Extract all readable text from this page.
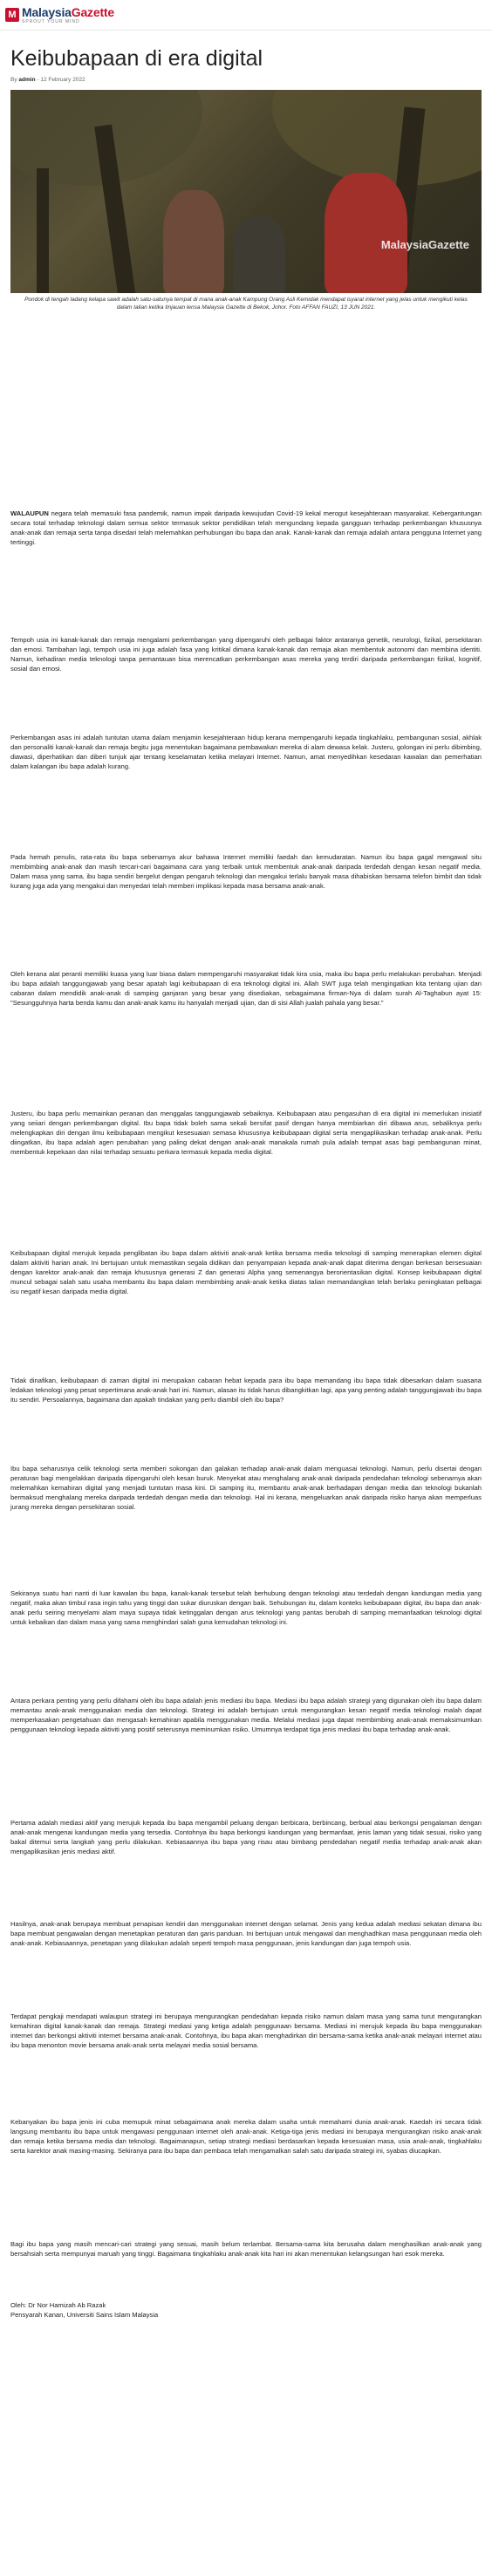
M MalaysiaGazette
SPROUT YOUR MIND
Keibubapaan di era digital
By admin - 12 February 2022
MalaysiaGazette
Pondok di tengah ladang kelapa sawit adalah satu-satunya tempat di mana anak-anak Kampung Orang Asli Kemidak mendapat isyarat internet yang jelas untuk mengikuti kelas dalam talian ketika tinjauan lensa Malaysia Gazette di Bekok, Johor. Foto AFFAN FAUZI, 13 JUN 2021.

WALAUPUN negara telah memasuki fasa pandemik, namun impak daripada kewujudan Covid-19 kekal merogut kesejahteraan masyarakat. Kebergantungan secara total terhadap teknologi dalam semua sektor termasuk sektor pendidikan telah mengundang kepada gangguan terhadap perkembangan khususnya anak-anak dan remaja serta tanpa disedari telah melemahkan perhubungan ibu bapa dan anak. Kanak-kanak dan remaja adalah antara pengguna Internet yang tertinggi.

Tempoh usia ini kanak-kanak dan remaja mengalami perkembangan yang dipengaruhi oleh pelbagai faktor antaranya genetik, neurologi, fizikal, persekitaran dan emosi. Tambahan lagi, tempoh usia ini juga adalah fasa yang kritikal dimana kanak-kanak dan remaja akan membentuk autonomi dan membina identiti. Namun, kehadiran media teknologi tanpa pemantauan bisa merencatkan perkembangan asas mereka yang terdiri daripada perkembangan fizikal, kognitif, sosial dan emosi.

Perkembangan asas ini adalah tuntutan utama dalam menjamin kesejahteraan hidup kerana mempengaruhi kepada tingkahlaku, pembangunan sosial, akhlak dan personaliti kanak-kanak dan remaja begitu juga menentukan bagaimana pembawakan mereka di alam dewasa kelak. Justeru, golongan ini perlu dibimbing, diawasi, diperhatikan dan diberi tunjuk ajar tentang keselamatan ketika melayari Internet. Namun, amat menyedihkan kesedaran kawalan dan pemerhatian dalam kalangan ibu bapa adalah kurang.

Pada hemah penulis, rata-rata ibu bapa sebenarnya akur bahawa Internet memiliki faedah dan kemudaratan. Namun ibu bapa gagal mengawal situ membimbing anak-anak dan masih tercari-cari bagaimana cara yang terbaik untuk membentuk anak-anak daripada terdedah dengan kesan negatif media. Dalam masa yang sama, ibu bapa sendiri bergelut dengan pengaruh teknologi dan mengakui terlalu banyak masa dihabiskan bersama telefon bimbit dan tidak kurang juga ada yang mengakui dan menyedari telah memberi implikasi kepada masa bersama anak-anak.

Oleh kerana alat peranti memiliki kuasa yang luar biasa dalam mempengaruhi masyarakat tidak kira usia, maka ibu bapa perlu melakukan perubahan. Menjadi ibu bapa adalah tanggungjawab yang besar apatah lagi keibubapaan di era teknologi digital ini. Allah SWT juga telah mengingatkan kita tentang ujian dan cabaran dalam mendidik anak-anak di samping ganjaran yang besar yang disediakan, sebagaimana firman-Nya di dalam surah Al-Taghabun ayat 15: "Sesungguhnya harta benda kamu dan anak-anak kamu itu hanyalah menjadi ujian, dan di sisi Allah jualah pahala yang besar."

Justeru, ibu bapa perlu memainkan peranan dan menggalas tanggungjawab sebaiknya. Keibubapaan atau pengasuhan di era digital ini memerlukan inisiatif yang seiiari dengan perkembangan digital. Ibu bapa tidak boleh sama sekali bersifat pasif dengan hanya membiarkan diri dibawa arus, sebaliknya perlu melengkapkan diri dengan ilmu keibubapaan mengikut kesesuaian semasa khususnya keibubapaan digital serta mengaplikasikan terhadap anak-anak. Perlu diingatkan, ibu bapa adalah agen perubahan yang paling dekat dengan anak-anak manakala rumah pula adalah tempat asas bagi pembangunan minat, membentuk kepekaan dan nilai terhadap sesuatu perkara termasuk kepada media digital.

Keibubapaan digital merujuk kepada penglibatan ibu bapa dalam aktiviti anak-anak ketika bersama media teknologi di samping menerapkan elemen digital dalam aktiviti harian anak. Ini bertujuan untuk memastikan segala didikan dan penyampaian kepada anak-anak dapat diterima dengan berkesan bersesuaian dengan karektor anak-anak dan remaja khususnya generasi Z dan generasi Alpha yang semenangya berorientasikan digital. Konsep keibubapaan digital muncul sebagai salah satu usaha membantu ibu bapa dalam membimbing anak-anak ketika diatas talian memandangkan telah berlaku peningkatan pelbagai isu negatif kesan daripada media digital.

Tidak dinafikan, keibubapaan di zaman digital ini merupakan cabaran hebat kepada para ibu bapa memandang ibu bapa tidak dibesarkan dalam suasana ledakan teknologi yang pesat sepertimana anak-anak hari ini. Namun, alasan itu tidak harus dibangkitkan lagi, apa yang penting adalah tanggungjawab ibu bapa itu sendiri. Persoalannya, bagaimana dan apakah tindakan yang perlu diambil oleh ibu bapa?

Ibu bapa seharusnya celik teknologi serta memberi sokongan dan galakan terhadap anak-anak dalam menguasai teknologi. Namun, perlu disertai dengan peraturan bagi mengelakkan daripada dipengaruhi oleh kesan buruk. Menyekat atau menghalang anak-anak daripada pendedahan teknologi sebenarnya akan melemahkan kemahiran digital yang menjadi tuntutan masa kini. Di samping itu, membantu anak-anak berhadapan dengan media dan teknologi bukanlah bermaksud menghalang mereka daripada terdedah dengan media dan teknologi. Hal ini kerana, mengeluarkan anak daripada risiko hanya akan memperluas jurang mereka dengan persekitaran sosial.

Sekiranya suatu hari nanti di luar kawalan ibu bapa, kanak-kanak tersebut telah berhubung dengan teknologi atau terdedah dengan kandungan media yang negatif, maka akan timbul rasa ingin tahu yang tinggi dan sukar diuruskan dengan baik. Sehubungan itu, dalam konteks keibubapaan digital, ibu bapa dan anak-anak perlu seiring menyelami alam maya supaya tidak ketinggalan dengan arus teknologi yang pantas berubah di samping memanfaatkan teknologi digital untuk kebaikan dan dalam masa yang sama menghindari salah guna kemudahan teknologi ini.

Antara perkara penting yang perlu difahami oleh ibu bapa adalah jenis mediasi ibu bapa. Mediasi ibu bapa adalah strategi yang digunakan oleh ibu bapa dalam memantau anak-anak menggunakan media dan teknologi. Strategi ini adalah bertujuan untuk mengurangkan kesan negatif media teknologi malah dapat memperkasakan pengetahuan dan mengasah kemahiran apabila menggunakan media. Melalui mediasi juga dapat membimbing anak-anak memaksimumkan penggunaan teknologi kepada aktiviti yang positif seterusnya meminumkan risiko. Umumnya terdapat tiga jenis mediasi ibu bapa terhadap anak-anak.

Pertama adalah mediasi aktif yang merujuk kepada ibu bapa mengambil peluang dengan berbicara, berbincang, berbual atau berkongsi pengalaman dengan anak-anak mengenai kandungan media yang tersedia. Contohnya ibu bapa berkongsi kandungan yang bermanfaat, jenis laman yang tidak sesuai, risiko yang bakal ditemui serta langkah yang perlu dilakukan. Kebiasaannya ibu bapa yang risau atau bimbang pendedahan negatif media terhadap anak-anak akan mengaplikasikan jenis mediasi aktif.

Hasilnya, anak-anak berupaya membuat penapisan kendiri dan menggunakan internet dengan selamat. Jenis yang kedua adalah mediasi sekatan dimana ibu bapa membuat pengawalan dengan menetapkan peraturan dan garis panduan. Ini bertujuan untuk mengawal dan menghadhkan masa penggunaan media oleh anak-anak. Kebiasaannya, penetapan yang dilakukan adalah seperti tempoh masa penggunaan, jenis kandungan dan juga tempoh usia.

Terdapat pengkaji mendapati walaupun strategi ini berupaya mengurangkan pendedahan kepada risiko namun dalam masa yang sama turut mengurangkan kemahiran digital kanak-kanak dan remaja. Strategi mediasi yang ketiga adalah penggunaan bersama. Mediasi ini merujuk kepada ibu bapa menggunakan internet dan berkongsi aktiviti internet bersama anak-anak. Contohnya, ibu bapa akan menghadirkan diri bersama-sama ketika anak-anak melayari internet atau ibu bapa menonton movie bersama anak-anak serta melayari media sosial bersama.

Kebanyakan ibu bapa jenis ini cuba memupuk minat sebagaimana anak mereka dalam usaha untuk memahami dunia anak-anak. Kaedah ini secara tidak langsung membantu ibu bapa untuk mengawasi penggunaan internet oleh anak-anak. Ketiga-tiga jenis mediasi ini berupaya mengurangkan risiko anak-anak dan remaja ketika bersama media dan teknologi. Bagaimanapun, setiap strategi mediasi berdasarkan kepada kesesuaian masa, usia anak-anak, tingkahlaku serta karektor anak masing-masing. Sekiranya para ibu bapa dan pembaca telah mengamalkan salah satu daripada strategi ini, syabas diucapkan.

Bagi ibu bapa yang masih mencari-cari strategi yang sesuai, masih belum terlambat. Bersama-sama kita berusaha dalam menghasilkan anak-anak yang bersahsiah serta mempunyai maruah yang tinggi. Bagaimana tingkahlaku anak-anak kita hari ini akan menentukan kelangsungan hari esok mereka.

Oleh: Dr Nor Hamizah Ab Razak
Pensyarah Kanan, Universiti Sains Islam Malaysia
